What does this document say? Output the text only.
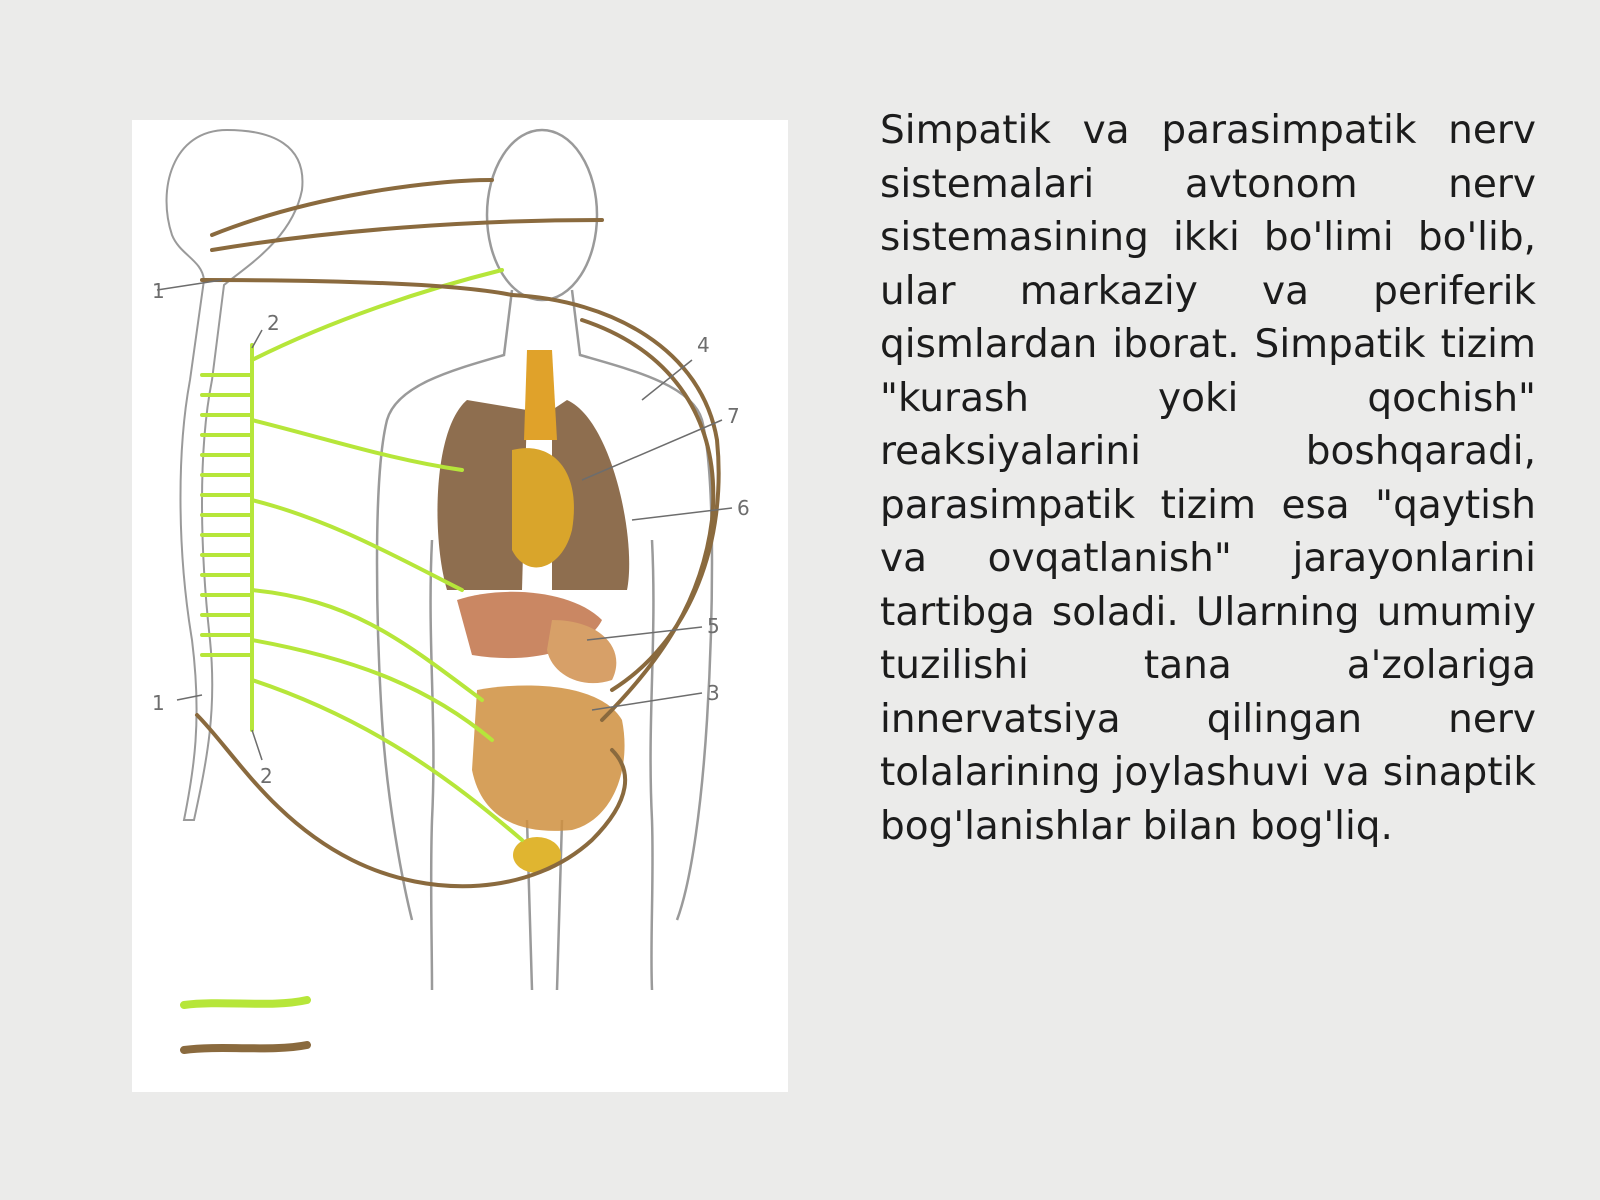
1
2
4
7
6
5
3
1
2

Simpatik va parasimpatik nerv sistemalari avtonom nerv sistemasining ikki bo'limi bo'lib, ular markaziy va periferik qismlardan iborat. Simpatik tizim "kurash yoki qochish" reaksiyalarini boshqaradi, parasimpatik tizim esa "qaytish va ovqatlanish" jarayonlarini tartibga soladi. Ularning umumiy tuzilishi tana a'zolariga innervatsiya qilingan nerv tolalarining joylashuvi va sinaptik bog'lanishlar bilan bog'liq.
